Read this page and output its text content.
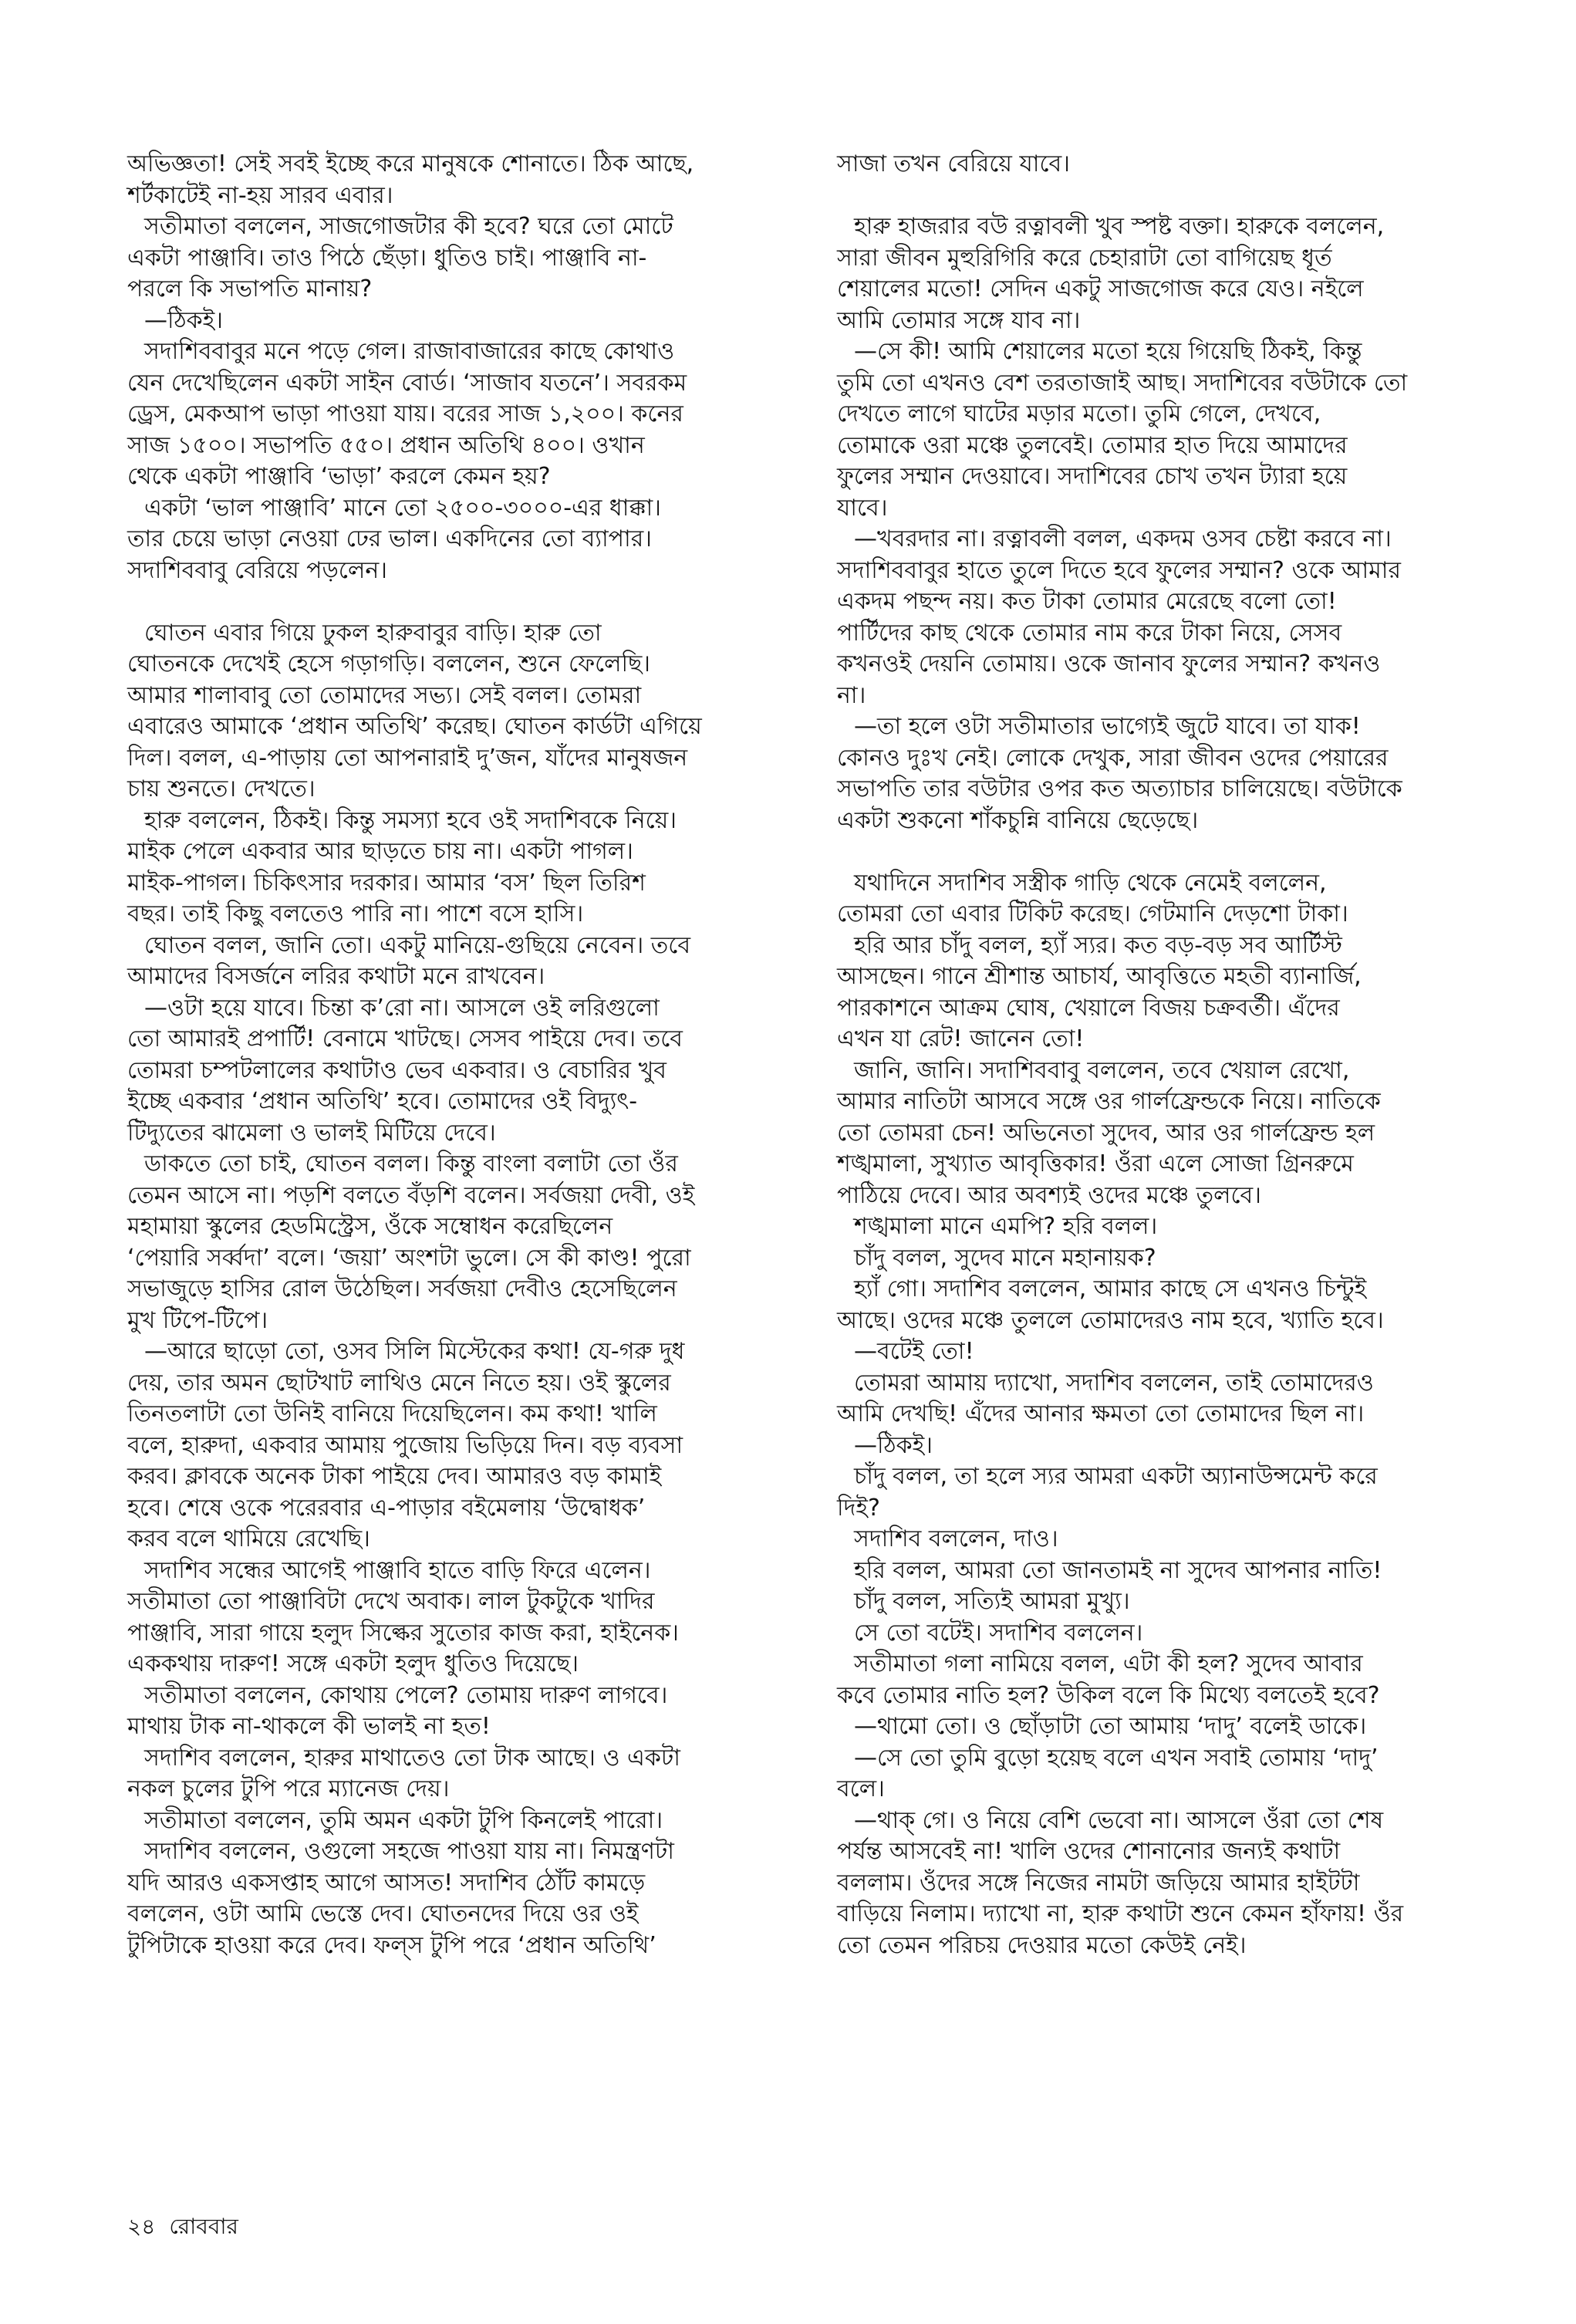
অভিজ্ঞতা! সেই সবই ইচ্ছে করে মানুষকে শোনাতে। ঠিক আছে,
শর্টকাটেই না-হয় সারব এবার।

সতীমাতা বললেন, সাজগোজটার কী হবে? ঘরে তো মোটে
একটা পাঞ্জাবি। তাও পিঠে ছেঁড়া। ধুতিও চাই। পাঞ্জাবি না-
পরলে কি সভাপতি মানায়?

—ঠিকই।

সদাশিববাবুর মনে পড়ে গেল। রাজাবাজারের কাছে কোথাও
যেন দেখেছিলেন একটা সাইন বোর্ড। ‘সাজাব যতনে’। সবরকম
ড্রেস, মেকআপ ভাড়া পাওয়া যায়। বরের সাজ ১,২০০। কনের
সাজ ১৫০০। সভাপতি ৫৫০। প্রধান অতিথি ৪০০। ওখান
থেকে একটা পাঞ্জাবি ‘ভাড়া’ করলে কেমন হয়?

একটা ‘ভাল পাঞ্জাবি’ মানে তো ২৫০০-৩০০০-এর ধাক্কা।
তার চেয়ে ভাড়া নেওয়া ঢের ভাল। একদিনের তো ব্যাপার।
সদাশিববাবু বেরিয়ে পড়লেন।

ঘোতন এবার গিয়ে ঢুকল হারুবাবুর বাড়ি। হারু তো
ঘোতনকে দেখেই হেসে গড়াগড়ি। বললেন, শুনে ফেলেছি।
আমার শালাবাবু তো তোমাদের সভ্য। সেই বলল। তোমরা
এবারেও আমাকে ‘প্রধান অতিথি’ করেছ। ঘোতন কার্ডটা এগিয়ে
দিল। বলল, এ-পাড়ায় তো আপনারাই দু’জন, যাঁদের মানুষজন
চায় শুনতে। দেখতে।

হারু বললেন, ঠিকই। কিন্তু সমস্যা হবে ওই সদাশিবকে নিয়ে।
মাইক পেলে একবার আর ছাড়তে চায় না। একটা পাগল।
মাইক-পাগল। চিকিৎসার দরকার। আমার ‘বস’ ছিল তিরিশ
বছর। তাই কিছু বলতেও পারি না। পাশে বসে হাসি।

ঘোতন বলল, জানি তো। একটু মানিয়ে-গুছিয়ে নেবেন। তবে
আমাদের বিসর্জনে লরির কথাটা মনে রাখবেন।

—ওটা হয়ে যাবে। চিন্তা ক’রো না। আসলে ওই লরিগুলো
তো আমারই প্রপার্টি! বেনামে খাটছে। সেসব পাইয়ে দেব। তবে
তোমরা চম্পটলালের কথাটাও ভেব একবার। ও বেচারির খুব
ইচ্ছে একবার ‘প্রধান অতিথি’ হবে। তোমাদের ওই বিদ্যুৎ-
টিদ্যুতের ঝামেলা ও ভালই মিটিয়ে দেবে।

ডাকতে তো চাই, ঘোতন বলল। কিন্তু বাংলা বলাটা তো ওঁর
তেমন আসে না। পড়শি বলতে বঁড়শি বলেন। সর্বজয়া দেবী, ওই
মহামায়া স্কুলের হেডমিস্ট্রেস, ওঁকে সম্বোধন করেছিলেন
‘পেয়ারি সর্ব্বদা’ বলে। ‘জয়া’ অংশটা ভুলে। সে কী কাণ্ড! পুরো
সভাজুড়ে হাসির রোল উঠেছিল। সর্বজয়া দেবীও হেসেছিলেন
মুখ টিপে-টিপে।

—আরে ছাড়ো তো, ওসব সিলি মিস্টেকের কথা! যে-গরু দুধ
দেয়, তার অমন ছোটখাট লাথিও মেনে নিতে হয়। ওই স্কুলের
তিনতলাটা তো উনিই বানিয়ে দিয়েছিলেন। কম কথা! খালি
বলে, হারুদা, একবার আমায় পুজোয় ভিড়িয়ে দিন। বড় ব্যবসা
করব। ক্লাবকে অনেক টাকা পাইয়ে দেব। আমারও বড় কামাই
হবে। শেষে ওকে পরেরবার এ-পাড়ার বইমেলায় ‘উদ্বোধক’
করব বলে থামিয়ে রেখেছি।

সদাশিব সন্ধের আগেই পাঞ্জাবি হাতে বাড়ি ফিরে এলেন।
সতীমাতা তো পাঞ্জাবিটা দেখে অবাক। লাল টুকটুকে খাদির
পাঞ্জাবি, সারা গায়ে হলুদ সিল্কের সুতোর কাজ করা, হাইনেক।
এককথায় দারুণ! সঙ্গে একটা হলুদ ধুতিও দিয়েছে।

সতীমাতা বললেন, কোথায় পেলে? তোমায় দারুণ লাগবে।
মাথায় টাক না-থাকলে কী ভালই না হত!

সদাশিব বললেন, হারুর মাথাতেও তো টাক আছে। ও একটা
নকল চুলের টুপি পরে ম্যানেজ দেয়।

সতীমাতা বললেন, তুমি অমন একটা টুপি কিনলেই পারো।

সদাশিব বললেন, ওগুলো সহজে পাওয়া যায় না। নিমন্ত্রণটা
যদি আরও একসপ্তাহ আগে আসত! সদাশিব ঠোঁট কামড়ে
বললেন, ওটা আমি ভেস্তে দেব। ঘোতনদের দিয়ে ওর ওই
টুপিটাকে হাওয়া করে দেব। ফল্স টুপি পরে ‘প্রধান অতিথি’

সাজা তখন বেরিয়ে যাবে।

হারু হাজরার বউ রত্নাবলী খুব স্পষ্ট বক্তা। হারুকে বললেন,
সারা জীবন মুহুরিগিরি করে চেহারাটা তো বাগিয়েছ ধূর্ত
শেয়ালের মতো! সেদিন একটু সাজগোজ করে যেও। নইলে
আমি তোমার সঙ্গে যাব না।

—সে কী! আমি শেয়ালের মতো হয়ে গিয়েছি ঠিকই, কিন্তু
তুমি তো এখনও বেশ তরতাজাই আছ। সদাশিবের বউটাকে তো
দেখতে লাগে ঘাটের মড়ার মতো। তুমি গেলে, দেখবে,
তোমাকে ওরা মঞ্চে তুলবেই। তোমার হাত দিয়ে আমাদের
ফুলের সম্মান দেওয়াবে। সদাশিবের চোখ তখন ট্যারা হয়ে
যাবে।

—খবরদার না। রত্নাবলী বলল, একদম ওসব চেষ্টা করবে না।
সদাশিববাবুর হাতে তুলে দিতে হবে ফুলের সম্মান? ওকে আমার
একদম পছন্দ নয়। কত টাকা তোমার মেরেছে বলো তো!
পার্টিদের কাছ থেকে তোমার নাম করে টাকা নিয়ে, সেসব
কখনওই দেয়নি তোমায়। ওকে জানাব ফুলের সম্মান? কখনও
না।

—তা হলে ওটা সতীমাতার ভাগ্যেই জুটে যাবে। তা যাক!
কোনও দুঃখ নেই। লোকে দেখুক, সারা জীবন ওদের পেয়ারের
সভাপতি তার বউটার ওপর কত অত্যাচার চালিয়েছে। বউটাকে
একটা শুকনো শাঁকচুন্নি বানিয়ে ছেড়েছে।

যথাদিনে সদাশিব সস্ত্রীক গাড়ি থেকে নেমেই বললেন,
তোমরা তো এবার টিকিট করেছ। গেটমানি দেড়শো টাকা।

হরি আর চাঁদু বলল, হ্যাঁ স্যর। কত বড়-বড় সব আর্টিস্ট
আসছেন। গানে শ্রীশান্ত আচার্য, আবৃত্তিতে মহতী ব্যানার্জি,
পারকাশনে আক্রম ঘোষ, খেয়ালে বিজয় চক্রবর্তী। এঁদের
এখন যা রেট! জানেন তো!

জানি, জানি। সদাশিববাবু বললেন, তবে খেয়াল রেখো,
আমার নাতিটা আসবে সঙ্গে ওর গার্লফ্রেন্ডকে নিয়ে। নাতিকে
তো তোমরা চেন! অভিনেতা সুদেব, আর ওর গার্লফ্রেন্ড হল
শঙ্খমালা, সুখ্যাত আবৃত্তিকার! ওঁরা এলে সোজা গ্রিনরুমে
পাঠিয়ে দেবে। আর অবশ্যই ওদের মঞ্চে তুলবে।

শঙ্খমালা মানে এমপি? হরি বলল।

চাঁদু বলল, সুদেব মানে মহানায়ক?

হ্যাঁ গো। সদাশিব বললেন, আমার কাছে সে এখনও চিন্টুই
আছে। ওদের মঞ্চে তুললে তোমাদেরও নাম হবে, খ্যাতি হবে।

—বটেই তো!

তোমরা আমায় দ্যাখো, সদাশিব বললেন, তাই তোমাদেরও
আমি দেখছি! এঁদের আনার ক্ষমতা তো তোমাদের ছিল না।

—ঠিকই।

চাঁদু বলল, তা হলে স্যর আমরা একটা অ্যানাউন্সমেন্ট করে
দিই?

সদাশিব বললেন, দাও।

হরি বলল, আমরা তো জানতামই না সুদেব আপনার নাতি!

চাঁদু বলল, সত্যিই আমরা মুখ্যু।

সে তো বটেই। সদাশিব বললেন।

সতীমাতা গলা নামিয়ে বলল, এটা কী হল? সুদেব আবার
কবে তোমার নাতি হল? উকিল বলে কি মিথ্যে বলতেই হবে?

—থামো তো। ও ছোঁড়াটা তো আমায় ‘দাদু’ বলেই ডাকে।

—সে তো তুমি বুড়ো হয়েছ বলে এখন সবাই তোমায় ‘দাদু’
বলে।

—থাক্ গে। ও নিয়ে বেশি ভেবো না। আসলে ওঁরা তো শেষ
পর্যন্ত আসবেই না! খালি ওদের শোনানোর জন্যই কথাটা
বললাম। ওঁদের সঙ্গে নিজের নামটা জড়িয়ে আমার হাইটটা
বাড়িয়ে নিলাম। দ্যাখো না, হারু কথাটা শুনে কেমন হাঁফায়! ওঁর
তো তেমন পরিচয় দেওয়ার মতো কেউই নেই।

২৪ রোববার
